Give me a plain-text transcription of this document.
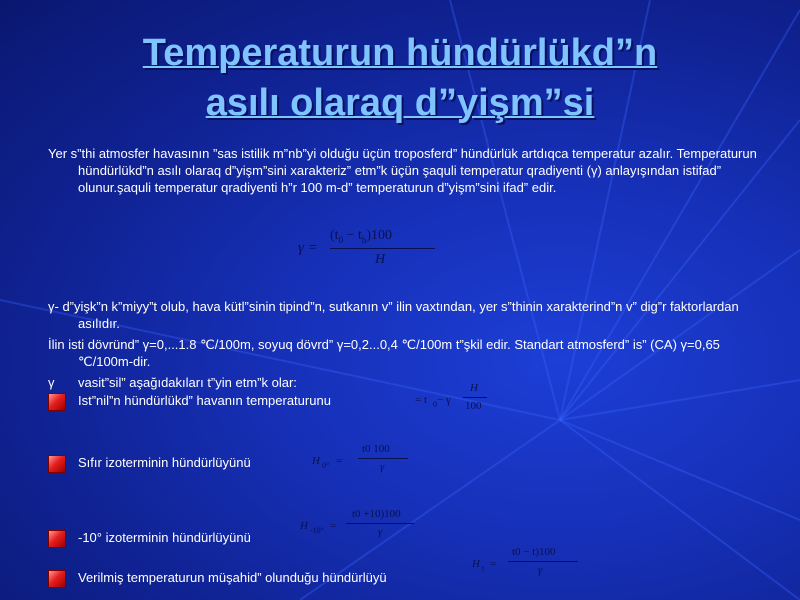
Temperaturun hündürlükd”n
asılı olaraq d”yişm”si
Yer s”thi atmosfer havasının ”sas istilik m”nb”yi olduğu üçün troposferd” hündürlük artdıqca temperatur azalır. Temperaturun hündürlükd”n asılı olaraq d”yişm”sini xarakteriz” etm”k üçün şaquli temperatur qradiyenti (γ) anlayışından istifad” olunur.şaquli temperatur qradiyenti h”r 100 m-d” temperaturun d”yişm”sini ifad” edir.
γ =
$(t_0 - t_h)100$
H
γ- d”yişk”n k”miyy”t olub, hava kütl”sinin tipind”n, sutkanın v” ilin vaxtından, yer s”thinin xarakterind”n v” dig”r faktorlardan asılıdır.
İlin isti dövründ” γ=0,...1.8 ℃/100m, soyuq dövrd” γ=0,2...0,4 ℃/100m t”şkil edir. Standart atmosferd” is” (CA) γ=0,65 ℃/100m-dir.
γ vasit”sil” aşağıdakıları t”yin etm”k olar:
Ist”nil”n hündürlükd” havanın temperaturunu	= t 0 − γ
H
100
Sıfır izoterminin hündürlüyünü	H 0° =
t0 100
γ
-10° izoterminin hündürlüyünü
H -10° =
t0 +10)100
γ
Verilmiş temperaturun müşahid” olunduğu hündürlüyü
H t =
t0 − t)100
γ
